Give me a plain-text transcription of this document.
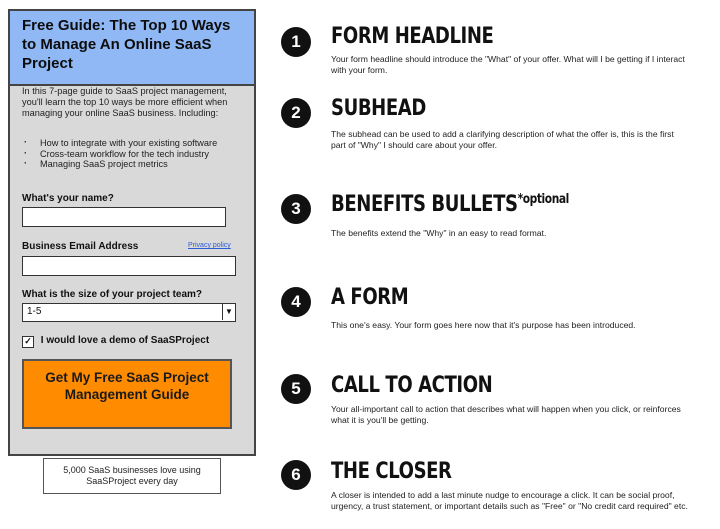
Free Guide: The Top 10 Ways to Manage An Online SaaS Project
In this 7-page guide to SaaS project management, you'll learn the top 10 ways be more efficient when managing your online SaaS business. Including:
· How to integrate with your existing software
· Cross-team workflow for the tech industry
· Managing SaaS project metrics
What's your name?
Business Email Address	Privacy policy
What is the size of your project team?
1-5	▼
✓ I would love a demo of SaaSProject
Get My Free SaaS Project Management Guide
5,000 SaaS businesses love using SaaSProject every day
1	FORM HEADLINE

Your form headline should introduce the "What" of your offer. What will I be getting if I interact with your form.

2	SUBHEAD

The subhead can be used to add a clarifying description of what the offer is, this is the first part of "Why" I should care about your offer.

3	BENEFITS $BULLETS^{*optional}$

The benefits extend the "Why" in an easy to read format.

4	A FORM

This one's easy. Your form goes here now that it's purpose has been introduced.

5	CALL TO ACTION

Your all-important call to action that describes what will happen when you click, or reinforces what it is you'll be getting.

6	THE CLOSER

A closer is intended to add a last minute nudge to encourage a click. It can be social proof, urgency, a trust statement, or important details such as "Free" or "No credit card required" etc.
